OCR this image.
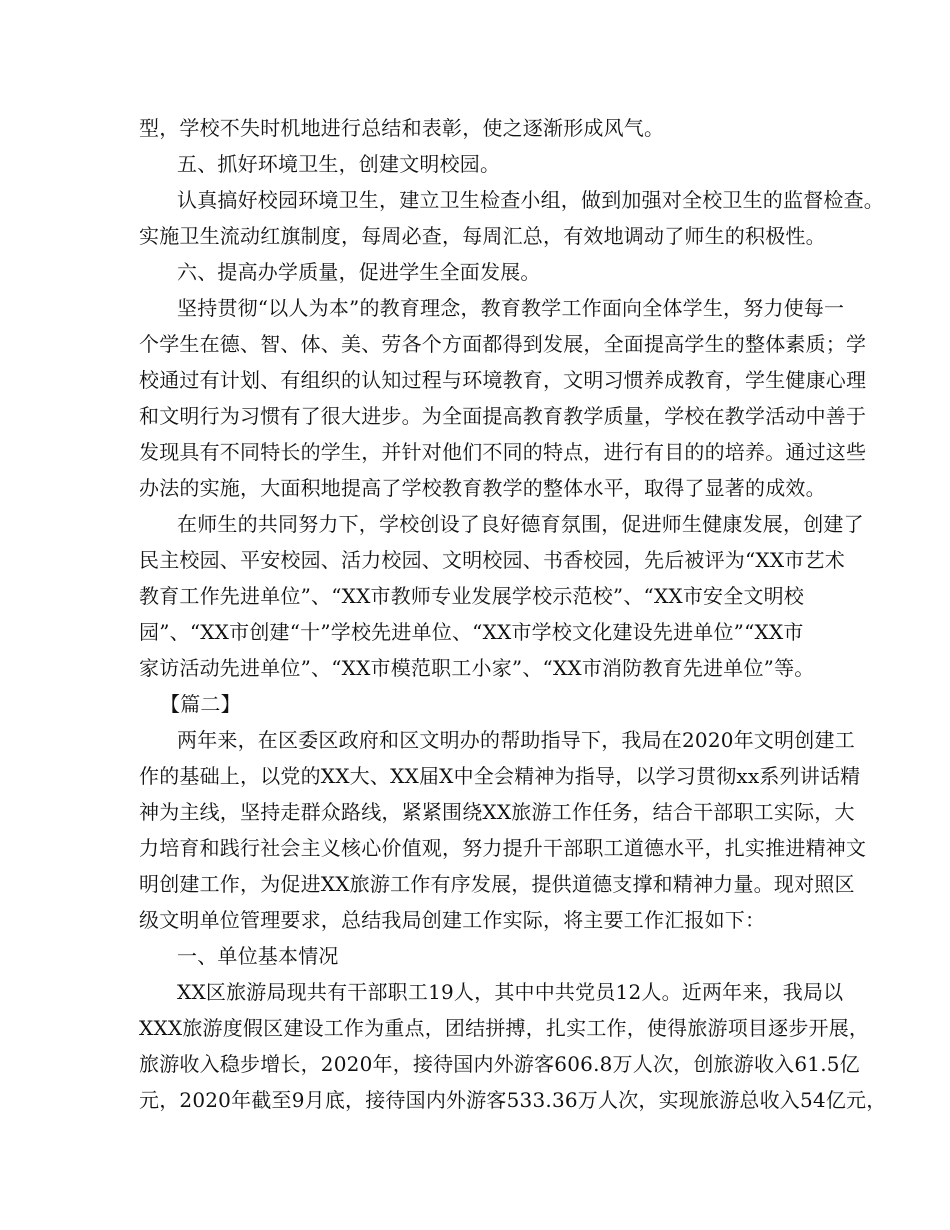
型，学校不失时机地进行总结和表彰，使之逐渐形成风气。

五、抓好环境卫生，创建文明校园。

认真搞好校园环境卫生，建立卫生检查小组，做到加强对全校卫生的监督检查。

实施卫生流动红旗制度，每周必查，每周汇总，有效地调动了师生的积极性。

六、提高办学质量，促进学生全面发展。

坚持贯彻“以人为本”的教育理念，教育教学工作面向全体学生，努力使每一

个学生在德、智、体、美、劳各个方面都得到发展，全面提高学生的整体素质；学

校通过有计划、有组织的认知过程与环境教育，文明习惯养成教育，学生健康心理

和文明行为习惯有了很大进步。为全面提高教育教学质量，学校在教学活动中善于

发现具有不同特长的学生，并针对他们不同的特点，进行有目的的培养。通过这些

办法的实施，大面积地提高了学校教育教学的整体水平，取得了显著的成效。

在师生的共同努力下，学校创设了良好德育氛围，促进师生健康发展，创建了

民主校园、平安校园、活力校园、文明校园、书香校园，先后被评为“XX市艺术

教育工作先进单位”、“XX市教师专业发展学校示范校”、“XX市安全文明校

园”、“XX市创建“十”学校先进单位、“XX市学校文化建设先进单位”“XX市

家访活动先进单位”、“XX市模范职工小家”、“XX市消防教育先进单位”等。

【篇二】

两年来，在区委区政府和区文明办的帮助指导下，我局在2020年文明创建工

作的基础上，以党的XX大、XX届X中全会精神为指导，以学习贯彻xx系列讲话精

神为主线，坚持走群众路线，紧紧围绕XX旅游工作任务，结合干部职工实际，大

力培育和践行社会主义核心价值观，努力提升干部职工道德水平，扎实推进精神文

明创建工作，为促进XX旅游工作有序发展，提供道德支撑和精神力量。现对照区

级文明单位管理要求，总结我局创建工作实际，将主要工作汇报如下：

一、单位基本情况

XX区旅游局现共有干部职工19人，其中中共党员12人。近两年来，我局以

XXX旅游度假区建设工作为重点，团结拼搏，扎实工作，使得旅游项目逐步开展，

旅游收入稳步增长，2020年，接待国内外游客606.8万人次，创旅游收入61.5亿

元，2020年截至9月底，接待国内外游客533.36万人次，实现旅游总收入54亿元，
